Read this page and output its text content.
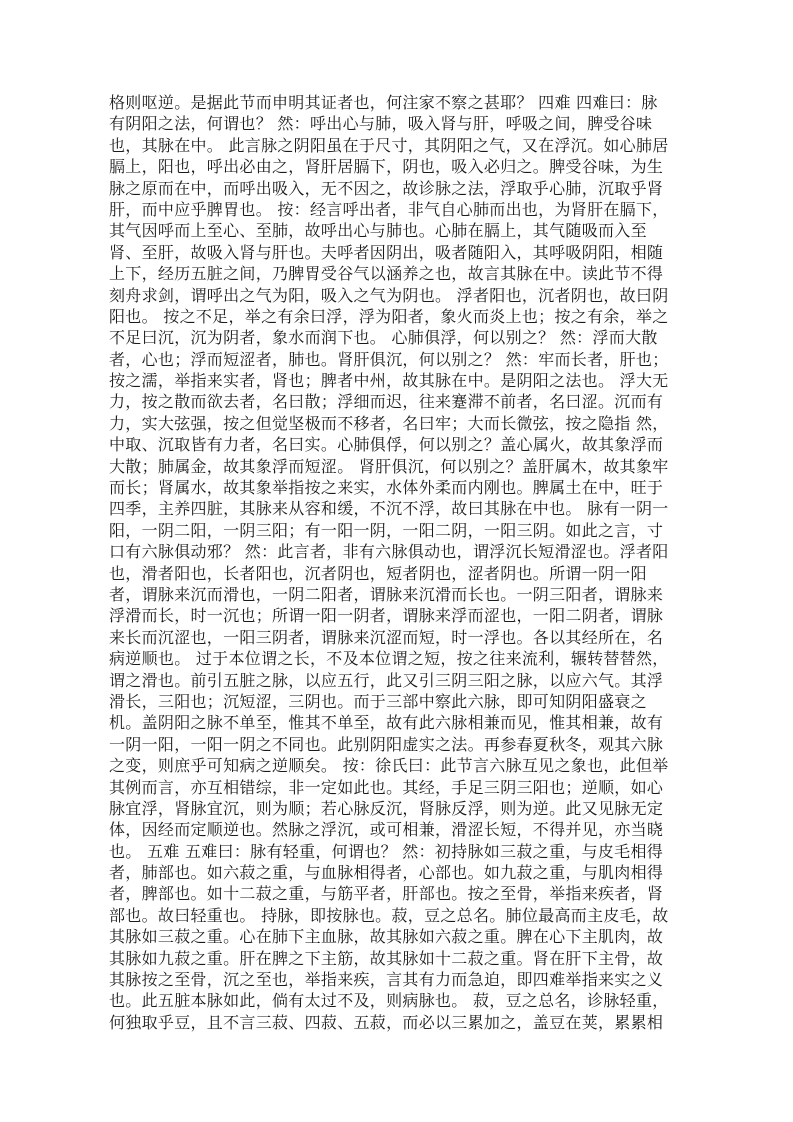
格则呕逆。是据此节而申明其证者也，何注家不察之甚耶？ 四难 四难曰：脉
有阴阳之法，何谓也？ 然：呼出心与肺，吸入肾与肝，呼吸之间，脾受谷味
也，其脉在中。 此言脉之阴阳虽在于尺寸，其阴阳之气，又在浮沉。如心肺居
膈上，阳也，呼出必由之，肾肝居膈下，阴也，吸入必归之。脾受谷味，为生
脉之原而在中，而呼出吸入，无不因之，故诊脉之法，浮取乎心肺，沉取乎肾
肝，而中应乎脾胃也。 按：经言呼出者，非气自心肺而出也，为肾肝在膈下，
其气因呼而上至心、至肺，故呼出心与肺也。心肺在膈上，其气随吸而入至
肾、至肝，故吸入肾与肝也。夫呼者因阴出，吸者随阳入，其呼吸阴阳，相随
上下，经历五脏之间，乃脾胃受谷气以涵养之也，故言其脉在中。读此节不得
刻舟求剑，谓呼出之气为阳，吸入之气为阴也。 浮者阳也，沉者阴也，故曰阴
阳也。 按之不足，举之有余曰浮，浮为阳者，象火而炎上也；按之有余，举之
不足曰沉，沉为阴者，象水而润下也。 心肺俱浮，何以别之？ 然：浮而大散
者，心也；浮而短涩者，肺也。肾肝俱沉，何以别之？ 然：牢而长者，肝也；
按之濡，举指来实者，肾也；脾者中州，故其脉在中。是阴阳之法也。 浮大无
力，按之散而欲去者，名曰散；浮细而迟，往来蹇滞不前者，名曰涩。沉而有
力，实大弦强，按之但觉坚极而不移者，名曰牢；大而长微弦，按之隐指 然，
中取、沉取皆有力者，名曰实。心肺俱俘，何以别之？盖心属火，故其象浮而
大散；肺属金，故其象浮而短涩。 肾肝俱沉，何以别之？盖肝属木，故其象牢
而长；肾属水，故其象举指按之来实，水体外柔而内刚也。脾属土在中，旺于
四季，主养四脏，其脉来从容和缓，不沉不浮，故曰其脉在中也。 脉有一阴一
阳，一阴二阳，一阴三阳；有一阳一阴，一阳二阴，一阳三阴。如此之言，寸
口有六脉俱动邪？ 然：此言者，非有六脉俱动也，谓浮沉长短滑涩也。浮者阳
也，滑者阳也，长者阳也，沉者阴也，短者阴也，涩者阴也。所谓一阴一阳
者，谓脉来沉而滑也，一阴二阳者，谓脉来沉滑而长也。一阴三阳者，谓脉来
浮滑而长，时一沉也；所谓一阳一阴者，谓脉来浮而涩也，一阳二阴者，谓脉
来长而沉涩也，一阳三阴者，谓脉来沉涩而短，时一浮也。各以其经所在，名
病逆顺也。 过于本位谓之长，不及本位谓之短，按之往来流利，辗转替替然，
谓之滑也。前引五脏之脉，以应五行，此又引三阴三阳之脉，以应六气。其浮
滑长，三阳也；沉短涩，三阴也。而于三部中察此六脉，即可知阴阳盛衰之
机。盖阴阳之脉不单至，惟其不单至，故有此六脉相兼而见，惟其相兼，故有
一阴一阳，一阳一阴之不同也。此别阴阳虚实之法。再参春夏秋冬，观其六脉
之变，则庶乎可知病之逆顺矣。 按：徐氏曰：此节言六脉互见之象也，此但举
其例而言，亦互相错综，非一定如此也。其经，手足三阴三阳也；逆顺，如心
脉宜浮，肾脉宜沉，则为顺；若心脉反沉，肾脉反浮，则为逆。此又见脉无定
体，因经而定顺逆也。然脉之浮沉，或可相兼，滑涩长短，不得并见，亦当晓
也。 五难 五难曰：脉有轻重，何谓也？ 然：初持脉如三菽之重，与皮毛相得
者，肺部也。如六菽之重，与血脉相得者，心部也。如九菽之重，与肌肉相得
者，脾部也。如十二菽之重，与筋平者，肝部也。按之至骨，举指来疾者，肾
部也。故曰轻重也。 持脉，即按脉也。菽，豆之总名。肺位最高而主皮毛，故
其脉如三菽之重。心在肺下主血脉，故其脉如六菽之重。脾在心下主肌肉，故
其脉如九菽之重。肝在脾之下主筋，故其脉如十二菽之重。肾在肝下主骨，故
其脉按之至骨，沉之至也，举指来疾，言其有力而急迫，即四难举指来实之义
也。此五脏本脉如此，倘有太过不及，则病脉也。 菽，豆之总名，诊脉轻重，
何独取乎豆，且不言三菽、四菽、五菽，而必以三累加之，盖豆在荚，累累相
